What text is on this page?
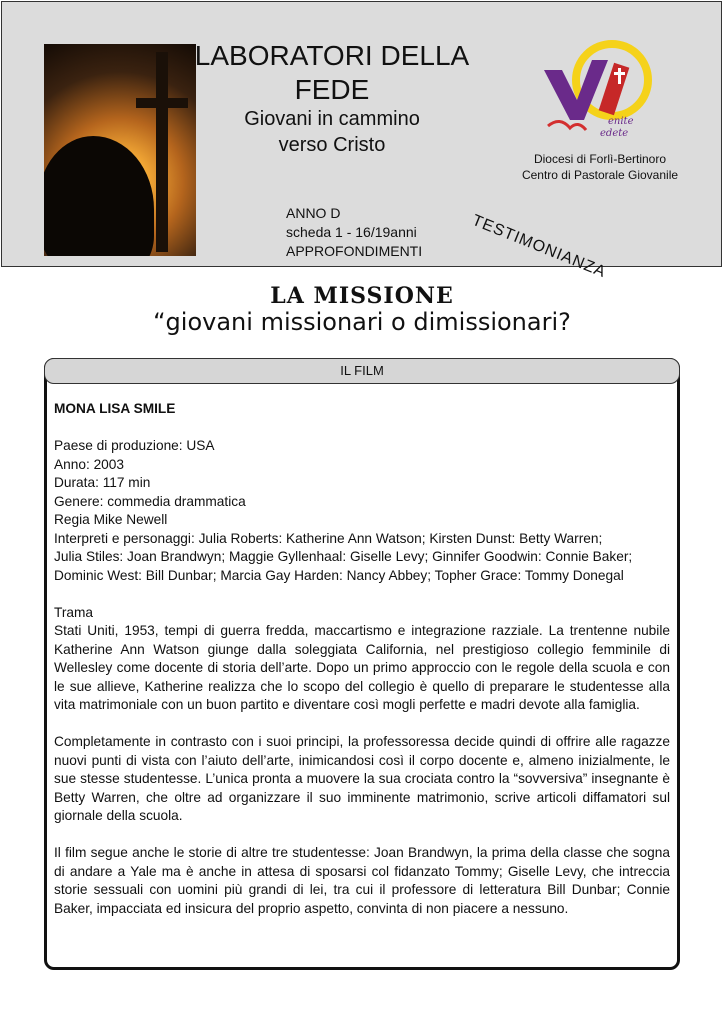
LABORATORI DELLA
FEDE
Giovani in cammino
verso Cristo
enite
edete
Diocesi di Forlì-Bertinoro
Centro di Pastorale Giovanile
ANNO D
scheda 1 - 16/19anni
APPROFONDIMENTI	TESTIMONIANZA
LA MISSIONE
“giovani missionari o dimissionari?
IL FILM

MONA LISA SMILE

Paese di produzione: USA

Anno: 2003

Durata: 117 min

Genere: commedia drammatica

Regia Mike Newell

Interpreti e personaggi: Julia Roberts: Katherine Ann Watson; Kirsten Dunst: Betty Warren;

Julia Stiles: Joan Brandwyn; Maggie Gyllenhaal: Giselle Levy; Ginnifer Goodwin: Connie Baker;

Dominic West: Bill Dunbar; Marcia Gay Harden: Nancy Abbey; Topher Grace: Tommy Donegal

Trama

Stati Uniti, 1953, tempi di guerra fredda, maccartismo e integrazione razziale. La trentenne nubile Katherine Ann Watson giunge dalla soleggiata California, nel prestigioso collegio femminile di Wellesley come docente di storia dell’arte. Dopo un primo approccio con le regole della scuola e con le sue allieve, Katherine realizza che lo scopo del collegio è quello di preparare le studentesse alla vita matrimoniale con un buon partito e diventare così mogli perfette e madri devote alla famiglia.

Completamente in contrasto con i suoi principi, la professoressa decide quindi di offrire alle ragazze nuovi punti di vista con l’aiuto dell’arte, inimicandosi così il corpo docente e, almeno inizialmente, le sue stesse studentesse. L’unica pronta a muovere la sua crociata contro la “sovversiva” insegnante è Betty Warren, che oltre ad organizzare il suo imminente matrimonio, scrive articoli diffamatori sul giornale della scuola.

Il film segue anche le storie di altre tre studentesse: Joan Brandwyn, la prima della classe che sogna di andare a Yale ma è anche in attesa di sposarsi col fidanzato Tommy; Giselle Levy, che intreccia storie sessuali con uomini più grandi di lei, tra cui il professore di letteratura Bill Dunbar; Connie Baker, impacciata ed insicura del proprio aspetto, convinta di non piacere a nessuno.
